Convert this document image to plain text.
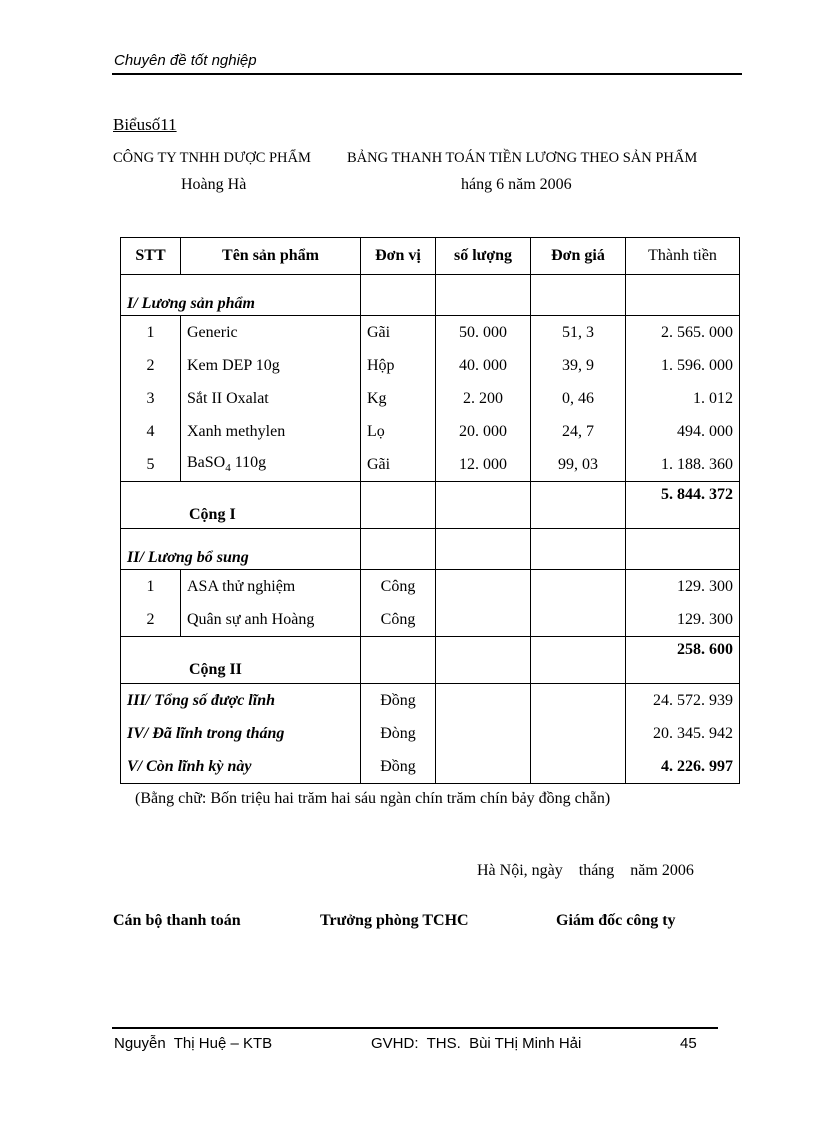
Chuyên đề tốt nghiệp
Biểusố11
CÔNG TY TNHH DƯỢC PHẨM
Hoàng Hà
BẢNG THANH TOÁN TIỀN LƯƠNG THEO SẢN PHẨM
háng 6 năm 2006
STT	Tên sản phẩm	Đơn vị	số lượng	Đơn giá	Thành tiền
I/ Lương sản phẩm					
1	Generic	Gãi	50. 000	51, 3	2. 565. 000
2	Kem DEP 10g	Hộp	40. 000	39, 9	1. 596. 000
3	Sắt II Oxalat	Kg	2. 200	0, 46	1. 012
4	Xanh methylen	Lọ	20. 000	24, 7	494. 000
5	BaSO$_4$ 110g	Gãi	12. 000	99, 03	1. 188. 360
Cộng I					5. 844. 372
II/ Lương bổ sung					
1	ASA thử nghiệm	Công			129. 300
2	Quân sự anh Hoàng	Công			129. 300
Cộng II					258. 600
III/ Tổng số được lĩnh		Đồng			24. 572. 939
IV/ Đã lĩnh trong tháng		Đòng			20. 345. 942
V/ Còn lĩnh kỳ này		Đồng			4. 226. 997
(Bằng chữ: Bốn triệu hai trăm hai sáu ngàn chín trăm chín bảy đồng chẵn)
Hà Nội, ngày    tháng    năm 2006
Cán bộ thanh toán	Trưởng phòng TCHC	Giám đốc công ty
Nguyễn  Thị Huệ – KTB	GVHD:  THS.  Bùi THị Minh Hải	45
